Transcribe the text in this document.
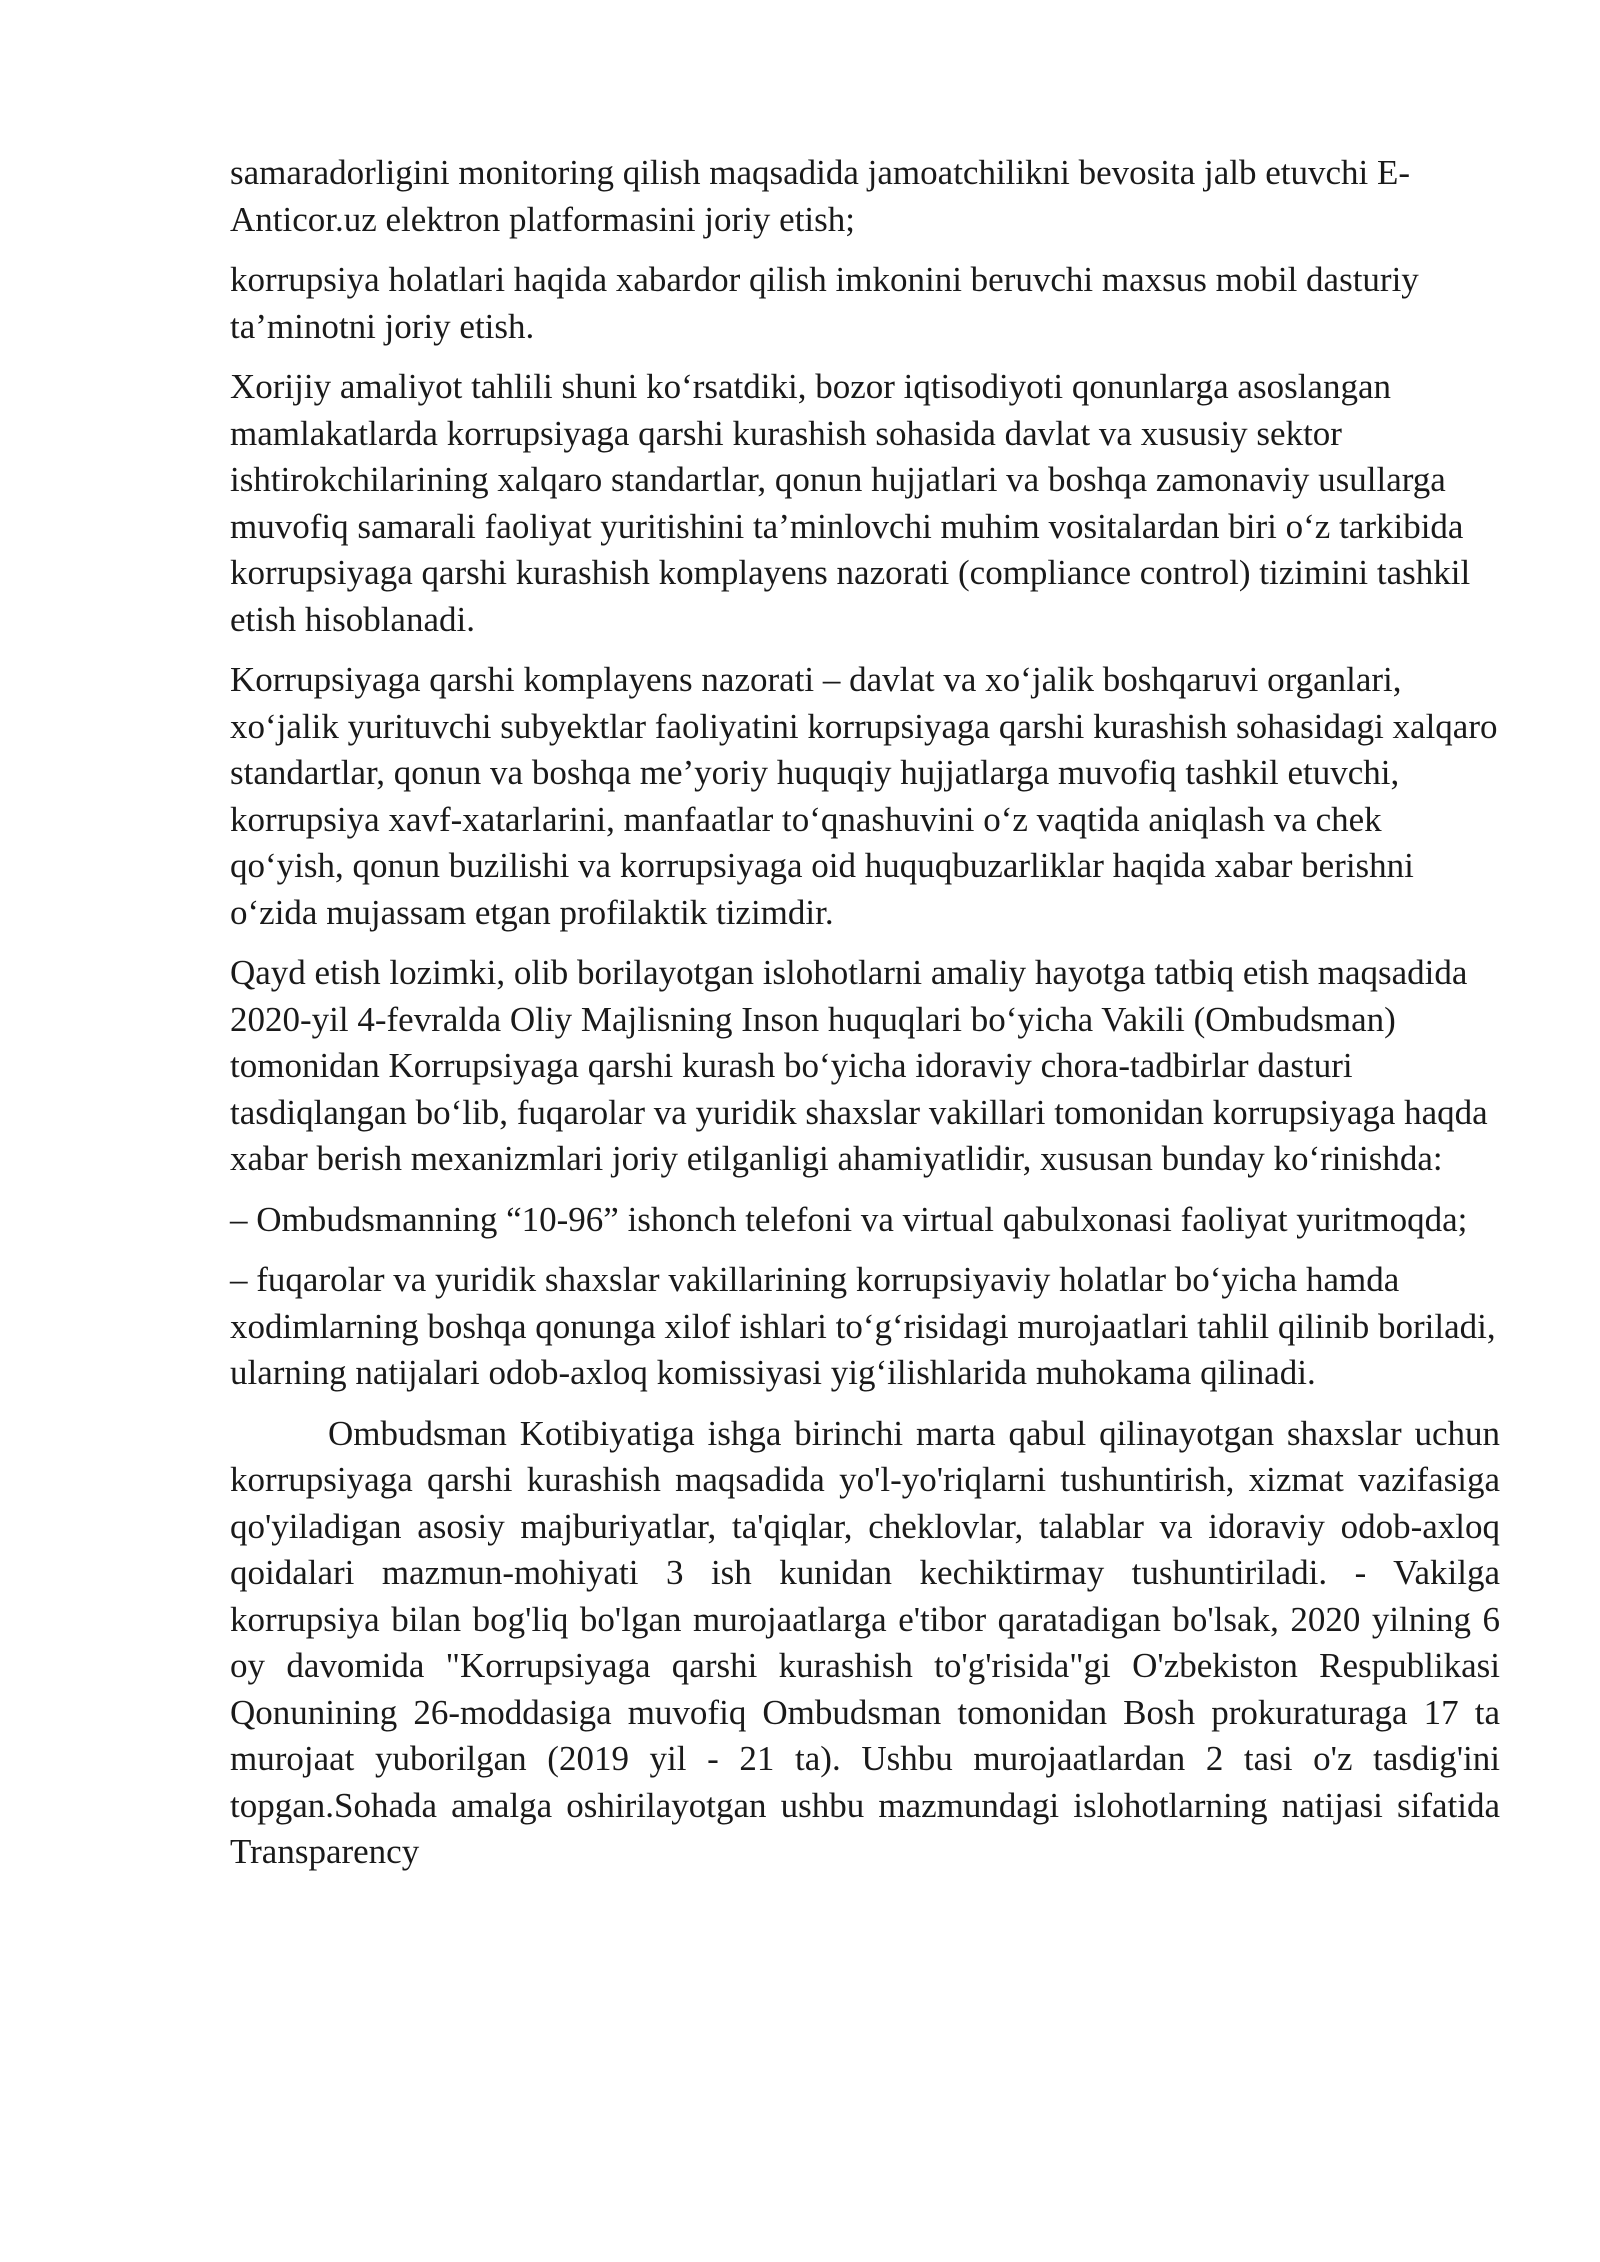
samaradorligini monitoring qilish maqsadida jamoatchilikni bevosita jalb etuvchi E-Anticor.uz elektron platformasini joriy etish;

korrupsiya holatlari haqida xabardor qilish imkonini beruvchi maxsus mobil dasturiy ta’minotni joriy etish.

Xorijiy amaliyot tahlili shuni ko‘rsatdiki, bozor iqtisodiyoti qonunlarga asoslangan mamlakatlarda korrupsiyaga qarshi kurashish sohasida davlat va xususiy sektor ishtirokchilarining xalqaro standartlar, qonun hujjatlari va boshqa zamonaviy usullarga muvofiq samarali faoliyat yuritishini ta’minlovchi muhim vositalardan biri o‘z tarkibida korrupsiyaga qarshi kurashish komplayens nazorati (compliance control) tizimini tashkil etish hisoblanadi.

Korrupsiyaga qarshi komplayens nazorati – davlat va xo‘jalik boshqaruvi organlari, xo‘jalik yurituvchi subyektlar faoliyatini korrupsiyaga qarshi kurashish sohasidagi xalqaro standartlar, qonun va boshqa me’yoriy huquqiy hujjatlarga muvofiq tashkil etuvchi, korrupsiya xavf-xatarlarini, manfaatlar to‘qnashuvini o‘z vaqtida aniqlash va chek qo‘yish, qonun buzilishi va korrupsiyaga oid huquqbuzarliklar haqida xabar berishni o‘zida mujassam etgan profilaktik tizimdir.

Qayd etish lozimki, olib borilayotgan islohotlarni amaliy hayotga tatbiq etish maqsadida 2020-yil 4-fevralda Oliy Majlisning Inson huquqlari bo‘yicha Vakili (Ombudsman) tomonidan Korrupsiyaga qarshi kurash bo‘yicha idoraviy chora-tadbirlar dasturi tasdiqlangan bo‘lib, fuqarolar va yuridik shaxslar vakillari tomonidan korrupsiyaga haqda xabar berish mexanizmlari joriy etilganligi ahamiyatlidir, xususan bunday ko‘rinishda:

– Ombudsmanning “10-96” ishonch telefoni va virtual qabulxonasi faoliyat yuritmoqda;

– fuqarolar va yuridik shaxslar vakillarining korrupsiyaviy holatlar bo‘yicha hamda xodimlarning boshqa qonunga xilof ishlari to‘g‘risidagi murojaatlari tahlil qilinib boriladi, ularning natijalari odob-axloq komissiyasi yig‘ilishlarida muhokama qilinadi.

Ombudsman Kotibiyatiga ishga birinchi marta qabul qilinayotgan shaxslar uchun korrupsiyaga qarshi kurashish maqsadida yo'l-yo'riqlarni tushuntirish, xizmat vazifasiga qo'yiladigan asosiy majburiyatlar, ta'qiqlar, cheklovlar, talablar va idoraviy odob-axloq qoidalari mazmun-mohiyati 3 ish kunidan kechiktirmay tushuntiriladi. - Vakilga korrupsiya bilan bog'liq bo'lgan murojaatlarga e'tibor qaratadigan bo'lsak, 2020 yilning 6 oy davomida "Korrupsiyaga qarshi kurashish to'g'risida"gi O'zbekiston Respublikasi Qonunining 26-moddasiga muvofiq Ombudsman tomonidan Bosh prokuraturaga 17 ta murojaat yuborilgan (2019 yil - 21 ta). Ushbu murojaatlardan 2 tasi o'z tasdig'ini topgan.Sohada amalga oshirilayotgan ushbu mazmundagi islohotlarning natijasi sifatida Transparency
